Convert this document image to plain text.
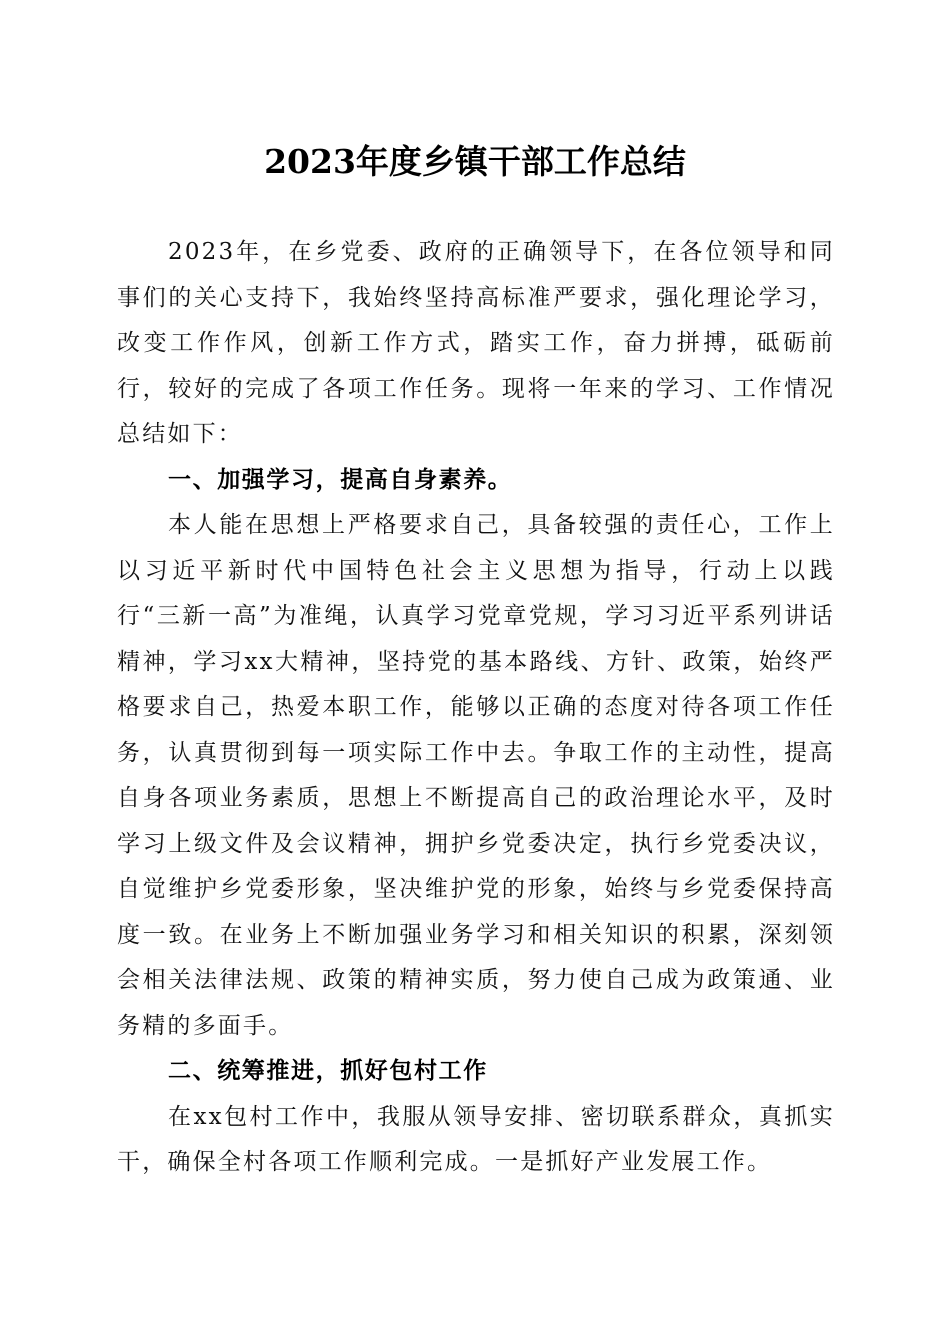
2023年度乡镇干部工作总结

2023年，在乡党委、政府的正确领导下，在各位领导和同事们的关心支持下，我始终坚持高标准严要求，强化理论学习，改变工作作风，创新工作方式，踏实工作，奋力拼搏，砥砺前行，较好的完成了各项工作任务。现将一年来的学习、工作情况总结如下：

一、加强学习，提高自身素养。

本人能在思想上严格要求自己，具备较强的责任心，工作上以习近平新时代中国特色社会主义思想为指导，行动上以践行“三新一高”为准绳，认真学习党章党规，学习习近平系列讲话精神，学习xx大精神，坚持党的基本路线、方针、政策，始终严格要求自己，热爱本职工作，能够以正确的态度对待各项工作任务，认真贯彻到每一项实际工作中去。争取工作的主动性，提高自身各项业务素质，思想上不断提高自己的政治理论水平，及时学习上级文件及会议精神，拥护乡党委决定，执行乡党委决议，自觉维护乡党委形象，坚决维护党的形象，始终与乡党委保持高度一致。在业务上不断加强业务学习和相关知识的积累，深刻领会相关法律法规、政策的精神实质，努力使自己成为政策通、业务精的多面手。

二、统筹推进，抓好包村工作

在xx包村工作中，我服从领导安排、密切联系群众，真抓实干，确保全村各项工作顺利完成。一是抓好产业发展工作。
